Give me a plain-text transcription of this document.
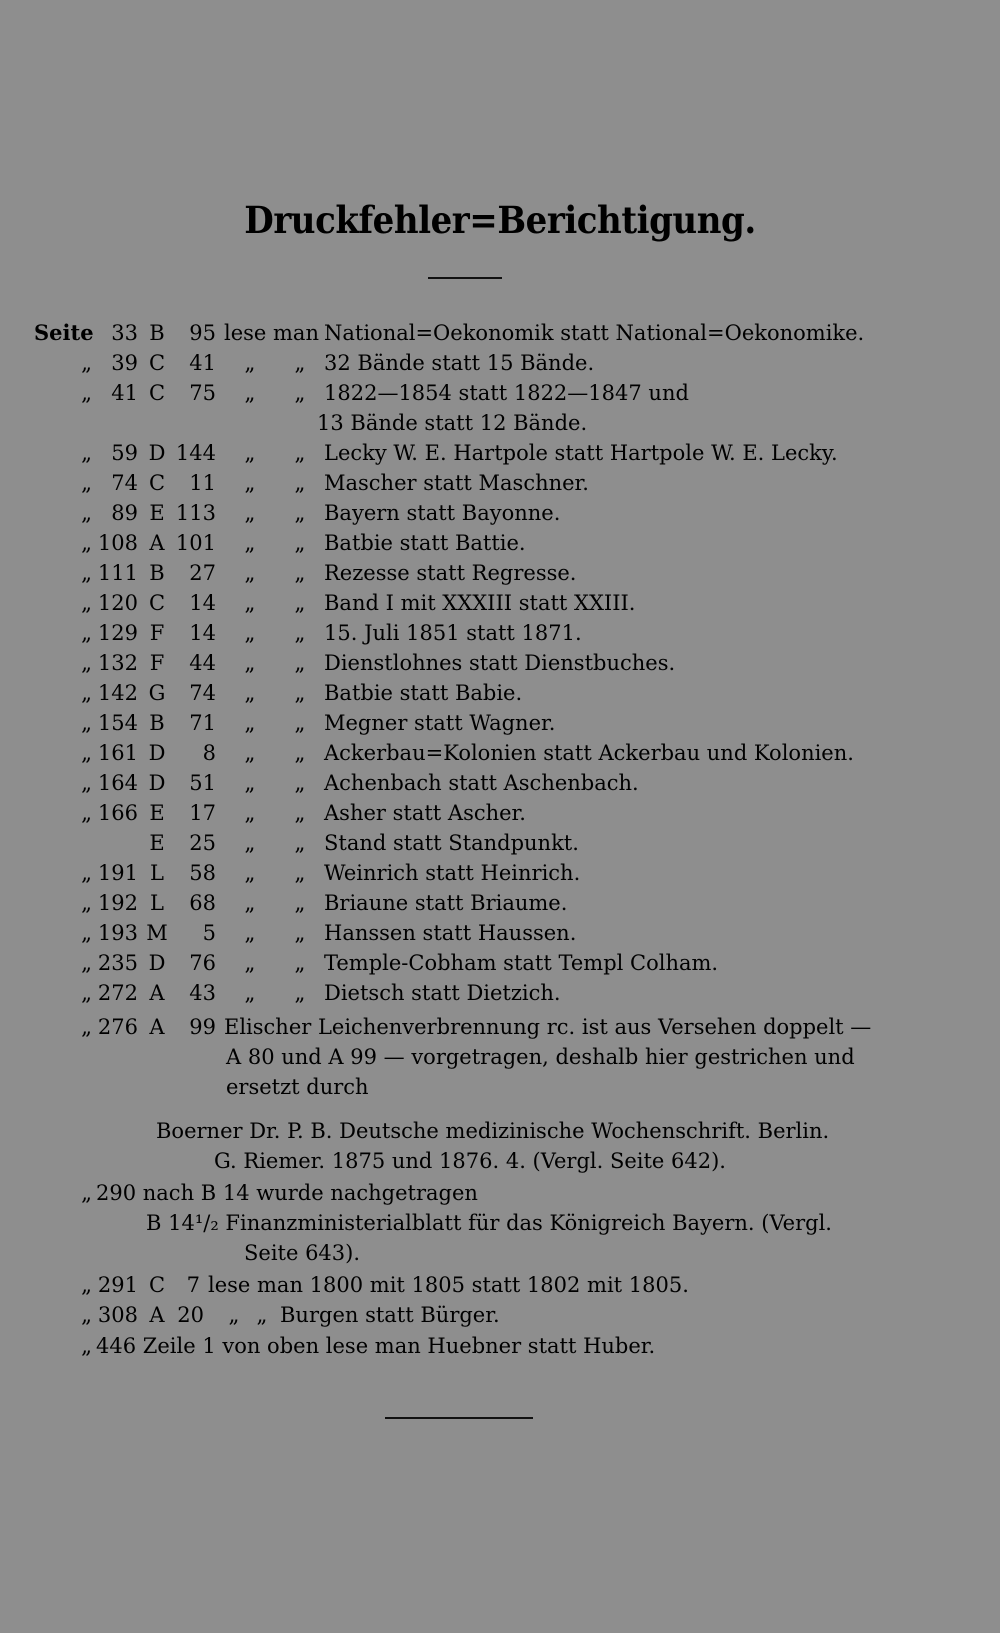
Druckfehler=Berichtigung.
„ 276 A	99 Elischer Leichenverbrennung rc. ist aus Versehen doppelt —
A 80 und A 99 — vorgetragen, deshalb hier gestrichen und
ersetzt durch
Boerner Dr. P. B. Deutsche medizinische Wochenschrift. Berlin.
G. Riemer. 1875 und 1876. 4. (Vergl. Seite 642).
„ 290 nach B 14 wurde nachgetragen
B 14¹/₂ Finanzministerialblatt für das Königreich Bayern. (Vergl.
Seite 643).
„ 291 C	7 lese man 1800 mit 1805 statt 1802 mit 1805.
„ 308 A 20 „ „ Burgen statt Bürger.
„ 446 Zeile 1 von oben lese man Huebner statt Huber.
Seite 33 B	95 lese man National=Oekonomik statt National=Oekonomike.
„ 39 C	41 „ „ 32 Bände statt 15 Bände.
„ 41 C	75 „ „ 1822—1854 statt 1822—1847 und
13 Bände statt 12 Bände.
„ 59 D 144 „ „ Lecky W. E. Hartpole statt Hartpole W. E. Lecky.
„ 74 C	11 „ „ Mascher statt Maschner.
„ 89 E 113 „ „ Bayern statt Bayonne.
„ 108 A 101 „ „ Batbie statt Battie.
„ 111 B	27 „ „ Rezesse statt Regresse.
„ 120 C	14 „ „ Band I mit XXXIII statt XXIII.
„ 129 F	14 „ „ 15. Juli 1851 statt 1871.
„ 132 F	44 „ „ Dienstlohnes statt Dienstbuches.
„ 142 G	74 „ „ Batbie statt Babie.
„ 154 B	71 „ „ Megner statt Wagner.
„ 161 D	8 „ „ Ackerbau=Kolonien statt Ackerbau und Kolonien.
„ 164 D	51 „ „ Achenbach statt Aschenbach.
„ 166 E	17 „ „ Asher statt Ascher.
E	25 „ „ Stand statt Standpunkt.
„ 191 L	58 „ „ Weinrich statt Heinrich.
„ 192 L	68 „ „ Briaune statt Briaume.
„ 193 M	5 „ „ Hanssen statt Haussen.
„ 235 D	76 „ „ Temple-Cobham statt Templ Colham.
„ 272 A	43 „ „ Dietsch statt Dietzich.
